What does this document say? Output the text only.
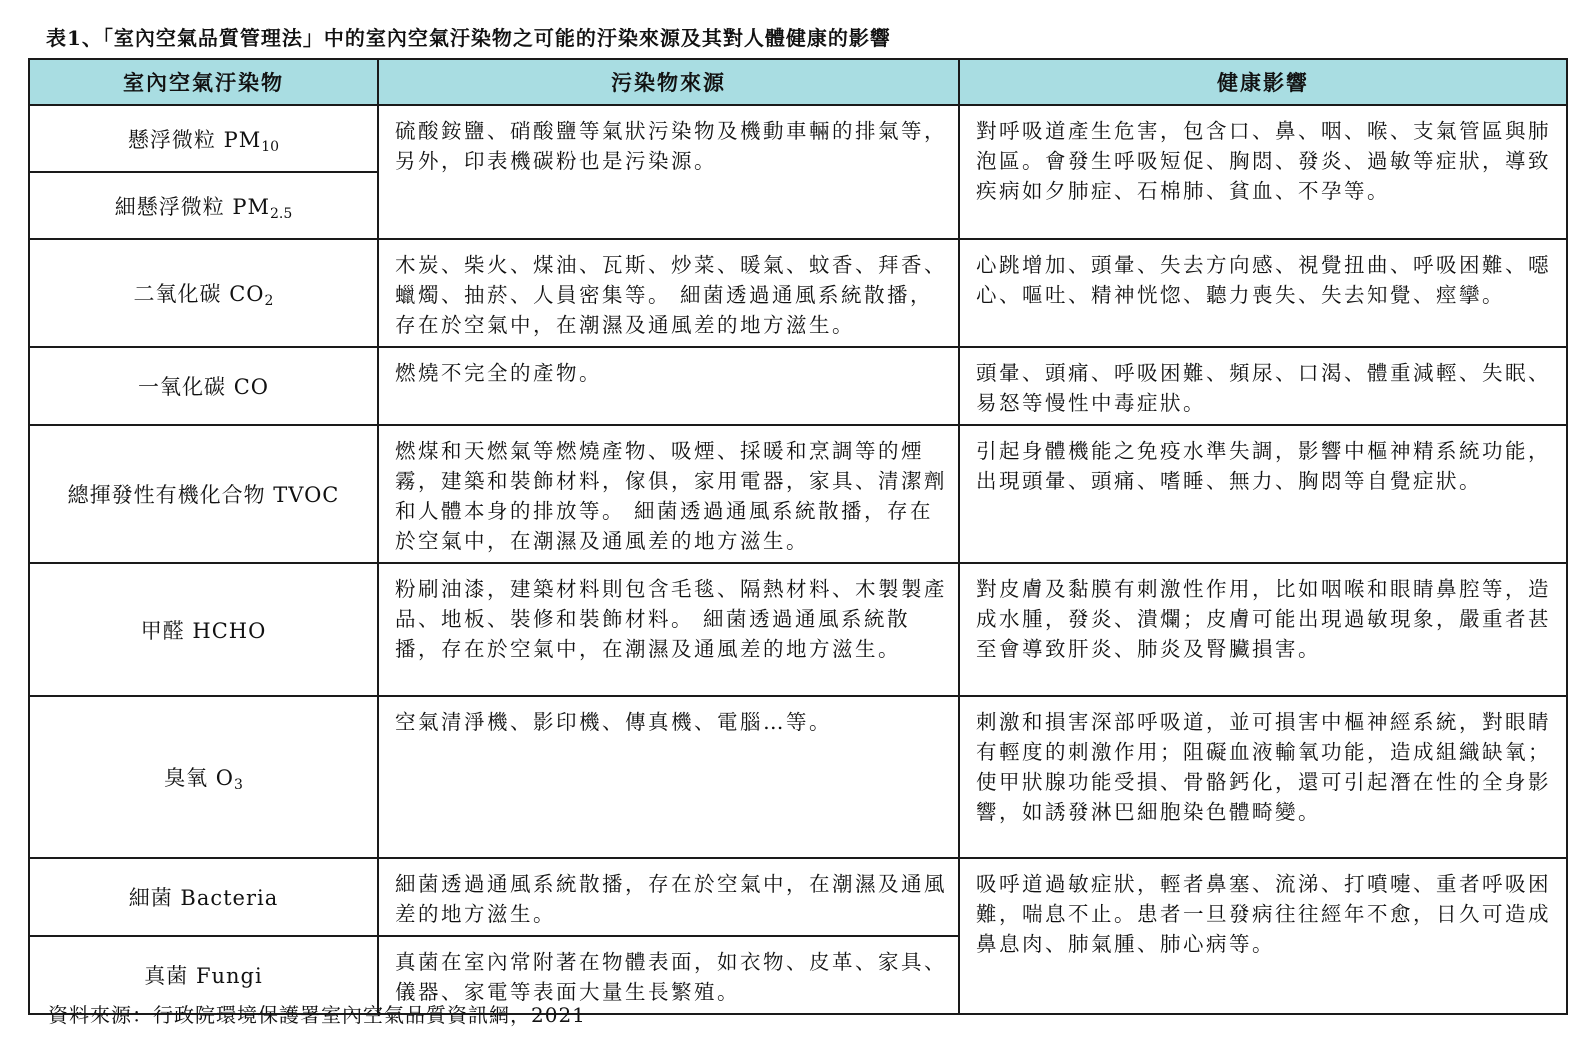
表1、「室內空氣品質管理法」中的室內空氣汙染物之可能的汙染來源及其對人體健康的影響
室內空氣汙染物	污染物來源	健康影響
懸浮微粒 $PM_{10}$	硫酸銨鹽、硝酸鹽等氣狀污染物及機動車輛的排氣等，另外，印表機碳粉也是污染源。	對呼吸道產生危害，包含口、鼻、咽、喉、支氣管區與肺泡區。會發生呼吸短促、胸悶、發炎、過敏等症狀，導致疾病如夕肺症、石棉肺、貧血、不孕等。
細懸浮微粒 $PM_{2.5}$
二氧化碳 $CO_2$	木炭、柴火、煤油、瓦斯、炒菜、暖氣、蚊香、拜香、蠟燭、抽菸、人員密集等。 細菌透過通風系統散播，存在於空氣中，在潮濕及通風差的地方滋生。	心跳增加、頭暈、失去方向感、視覺扭曲、呼吸困難、噁心、嘔吐、精神恍惚、聽力喪失、失去知覺、痙攣。
一氧化碳 CO	燃燒不完全的產物。	頭暈、頭痛、呼吸困難、頻尿、口渴、體重減輕、失眠、易怒等慢性中毒症狀。
總揮發性有機化合物 TVOC	燃煤和天燃氣等燃燒產物、吸煙、採暖和烹調等的煙霧，建築和裝飾材料，傢俱，家用電器，家具、清潔劑和人體本身的排放等。 細菌透過通風系統散播，存在於空氣中，在潮濕及通風差的地方滋生。	引起身體機能之免疫水準失調，影響中樞神精系統功能，出現頭暈、頭痛、嗜睡、無力、胸悶等自覺症狀。
甲醛 HCHO	粉刷油漆，建築材料則包含毛毯、隔熱材料、木製製產品、地板、裝修和裝飾材料。 細菌透過通風系統散播，存在於空氣中，在潮濕及通風差的地方滋生。	對皮膚及黏膜有刺激性作用，比如咽喉和眼睛鼻腔等，造成水腫，發炎、潰爛；皮膚可能出現過敏現象，嚴重者甚至會導致肝炎、肺炎及腎臟損害。
臭氧 $O_3$	空氣清淨機、影印機、傳真機、電腦…等。	刺激和損害深部呼吸道，並可損害中樞神經系統，對眼睛有輕度的刺激作用；阻礙血液輸氧功能，造成組織缺氧；使甲狀腺功能受損、骨骼鈣化，還可引起潛在性的全身影響，如誘發淋巴細胞染色體畸變。
細菌 Bacteria	細菌透過通風系統散播，存在於空氣中，在潮濕及通風差的地方滋生。	吸呼道過敏症狀，輕者鼻塞、流涕、打噴嚏、重者呼吸困難，喘息不止。患者一旦發病往往經年不愈，日久可造成鼻息肉、肺氣腫、肺心病等。
真菌 Fungi	真菌在室內常附著在物體表面，如衣物、皮革、家具、儀器、家電等表面大量生長繁殖。	
資料來源：行政院環境保護署室內空氣品質資訊網，2021
